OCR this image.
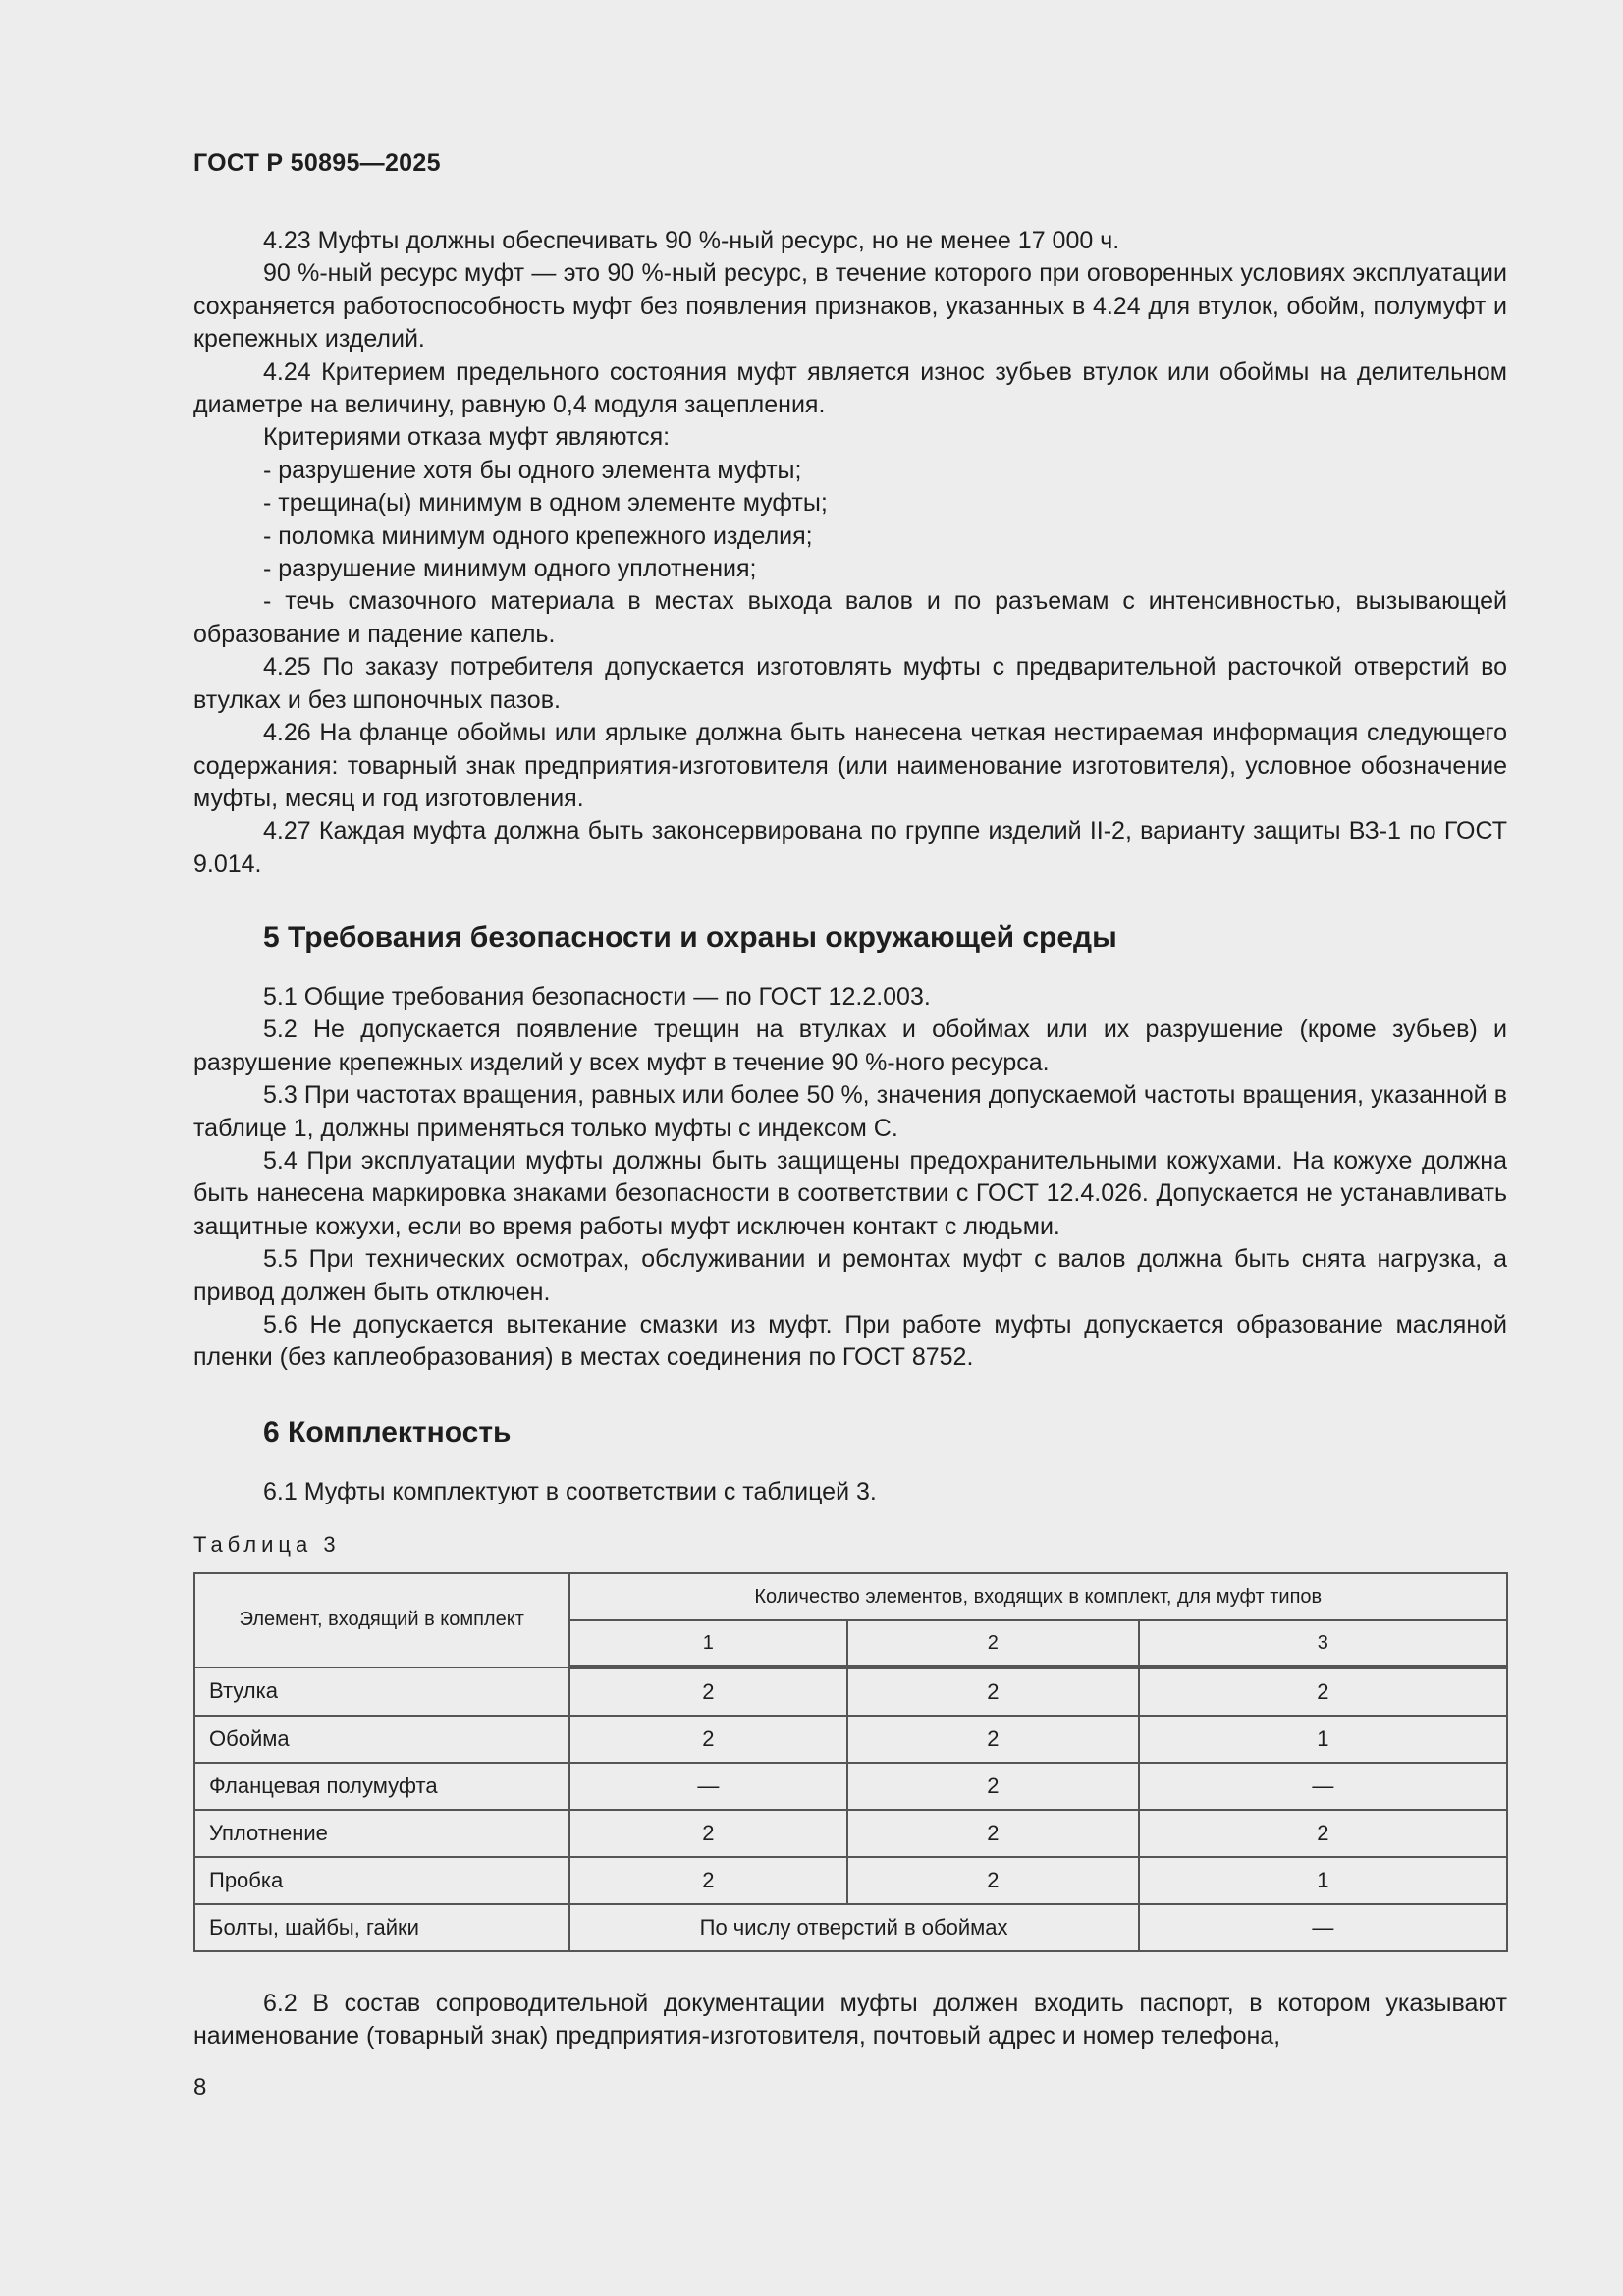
ГОСТ Р 50895—2025

4.23 Муфты должны обеспечивать 90 %-ный ресурс, но не менее 17 000 ч.

90 %-ный ресурс муфт — это 90 %-ный ресурс, в течение которого при оговоренных условиях эксплуатации сохраняется работоспособность муфт без появления признаков, указанных в 4.24 для втулок, обойм, полумуфт и крепежных изделий.

4.24 Критерием предельного состояния муфт является износ зубьев втулок или обоймы на делительном диаметре на величину, равную 0,4 модуля зацепления.

Критериями отказа муфт являются:

- разрушение хотя бы одного элемента муфты;

- трещина(ы) минимум в одном элементе муфты;

- поломка минимум одного крепежного изделия;

- разрушение минимум одного уплотнения;

- течь смазочного материала в местах выхода валов и по разъемам с интенсивностью, вызывающей образование и падение капель.

4.25 По заказу потребителя допускается изготовлять муфты с предварительной расточкой отверстий во втулках и без шпоночных пазов.

4.26 На фланце обоймы или ярлыке должна быть нанесена четкая нестираемая информация следующего содержания: товарный знак предприятия-изготовителя (или наименование изготовителя), условное обозначение муфты, месяц и год изготовления.

4.27 Каждая муфта должна быть законсервирована по группе изделий II-2, варианту защиты ВЗ-1 по ГОСТ 9.014.

5 Требования безопасности и охраны окружающей среды

5.1 Общие требования безопасности — по ГОСТ 12.2.003.

5.2 Не допускается появление трещин на втулках и обоймах или их разрушение (кроме зубьев) и разрушение крепежных изделий у всех муфт в течение 90 %-ного ресурса.

5.3 При частотах вращения, равных или более 50 %, значения допускаемой частоты вращения, указанной в таблице 1, должны применяться только муфты с индексом С.

5.4 При эксплуатации муфты должны быть защищены предохранительными кожухами. На кожухе должна быть нанесена маркировка знаками безопасности в соответствии с ГОСТ 12.4.026. Допускается не устанавливать защитные кожухи, если во время работы муфт исключен контакт с людьми.

5.5 При технических осмотрах, обслуживании и ремонтах муфт с валов должна быть снята нагрузка, а привод должен быть отключен.

5.6 Не допускается вытекание смазки из муфт. При работе муфты допускается образование масляной пленки (без каплеобразования) в местах соединения по ГОСТ 8752.

6 Комплектность

6.1 Муфты комплектуют в соответствии с таблицей 3.

Таблица 3
Элемент, входящий в комплект	Количество элементов, входящих в комплект, для муфт типов		
	1	2	3
Втулка	2	2	2
Обойма	2	2	1
Фланцевая полумуфта	—	2	—
Уплотнение	2	2	2
Пробка	2	2	1
Болты, шайбы, гайки	По числу отверстий в обоймах		—

6.2 В состав сопроводительной документации муфты должен входить паспорт, в котором указывают наименование (товарный знак) предприятия-изготовителя, почтовый адрес и номер телефона,

8
